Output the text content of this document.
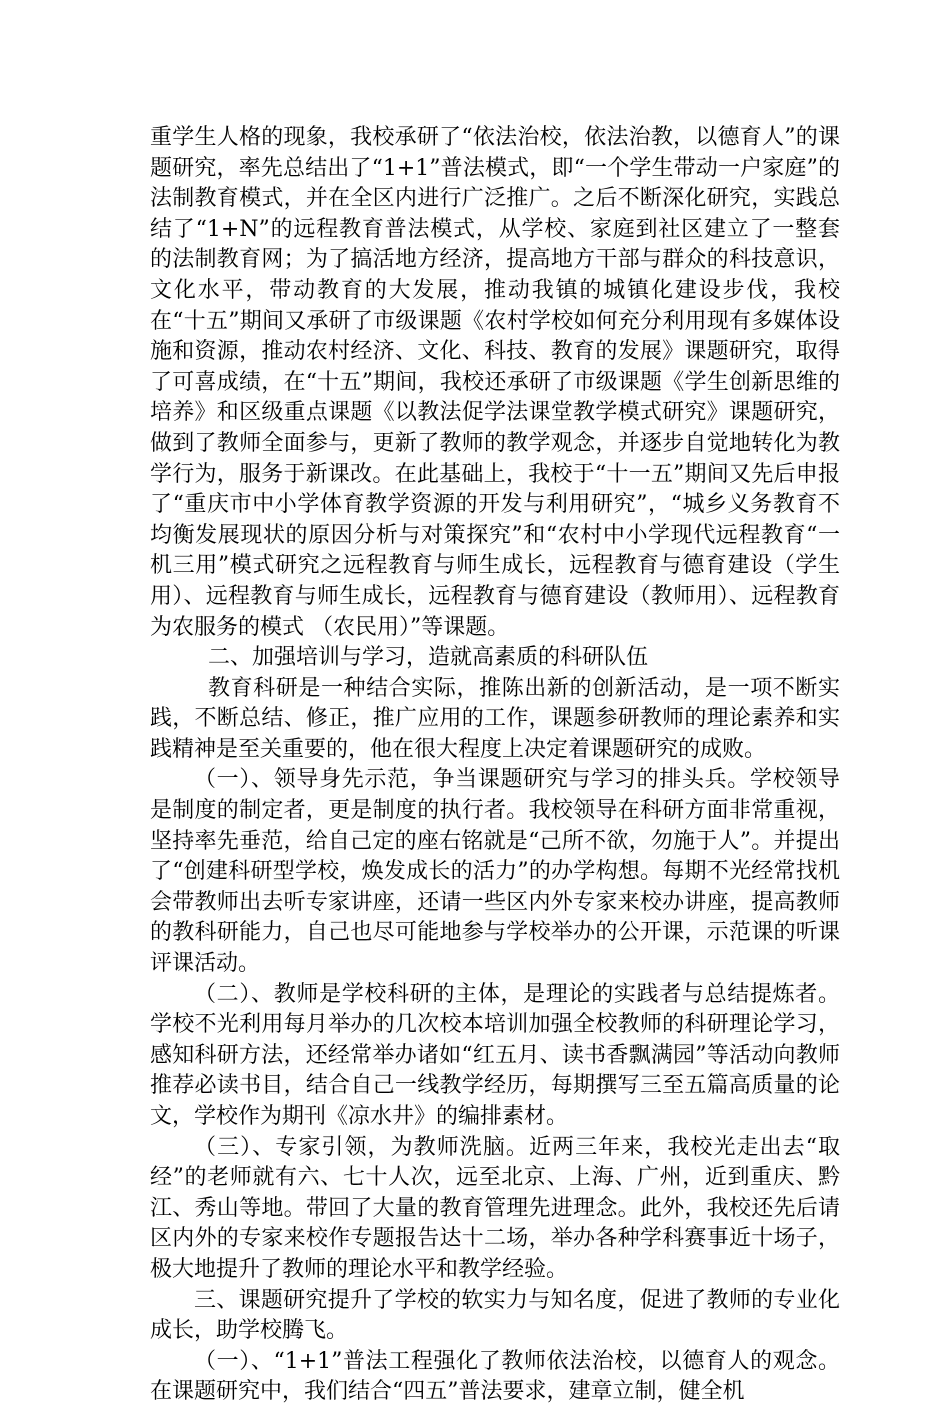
重学生人格的现象，我校承研了“依法治校，依法治教，以德育人”的课题研究，率先总结出了“1+1”普法模式，即“一个学生带动一户家庭”的法制教育模式，并在全区内进行广泛推广。之后不断深化研究，实践总结了“1+N”的远程教育普法模式，从学校、家庭到社区建立了一整套的法制教育网；为了搞活地方经济，提高地方干部与群众的科技意识，文化水平，带动教育的大发展，推动我镇的城镇化建设步伐，我校在“十五”期间又承研了市级课题《农村学校如何充分利用现有多媒体设施和资源，推动农村经济、文化、科技、教育的发展》课题研究，取得了可喜成绩，在“十五”期间，我校还承研了市级课题《学生创新思维的培养》和区级重点课题《以教法促学法课堂教学模式研究》课题研究，做到了教师全面参与，更新了教师的教学观念，并逐步自觉地转化为教学行为，服务于新课改。在此基础上，我校于“十一五”期间又先后申报了“重庆市中小学体育教学资源的开发与利用研究”，“城乡义务教育不均衡发展现状的原因分析与对策探究”和“农村中小学现代远程教育“一机三用”模式研究之远程教育与师生成长，远程教育与德育建设（学生用）、远程教育与师生成长，远程教育与德育建设（教师用）、远程教育为农服务的模式 （农民用）”等课题。

二、加强培训与学习，造就高素质的科研队伍

教育科研是一种结合实际，推陈出新的创新活动，是一项不断实践，不断总结、修正，推广应用的工作，课题参研教师的理论素养和实践精神是至关重要的，他在很大程度上决定着课题研究的成败。

（一）、领导身先示范，争当课题研究与学习的排头兵。学校领导是制度的制定者，更是制度的执行者。我校领导在科研方面非常重视，坚持率先垂范，给自己定的座右铭就是“己所不欲，勿施于人”。并提出了“创建科研型学校，焕发成长的活力”的办学构想。每期不光经常找机会带教师出去听专家讲座，还请一些区内外专家来校办讲座，提高教师的教科研能力，自己也尽可能地参与学校举办的公开课，示范课的听课评课活动。

（二）、教师是学校科研的主体，是理论的实践者与总结提炼者。学校不光利用每月举办的几次校本培训加强全校教师的科研理论学习，感知科研方法，还经常举办诸如“红五月、读书香飘满园”等活动向教师推荐必读书目，结合自己一线教学经历，每期撰写三至五篇高质量的论文，学校作为期刊《凉水井》的编排素材。

（三）、专家引领，为教师洗脑。近两三年来，我校光走出去“取经”的老师就有六、七十人次，远至北京、上海、广州，近到重庆、黔江、秀山等地。带回了大量的教育管理先进理念。此外，我校还先后请区内外的专家来校作专题报告达十二场，举办各种学科赛事近十场子，极大地提升了教师的理论水平和教学经验。

三、课题研究提升了学校的软实力与知名度，促进了教师的专业化成长，助学校腾飞。

（一）、“1+1”普法工程强化了教师依法治校，以德育人的观念。在课题研究中，我们结合“四五”普法要求，建章立制，健全机
